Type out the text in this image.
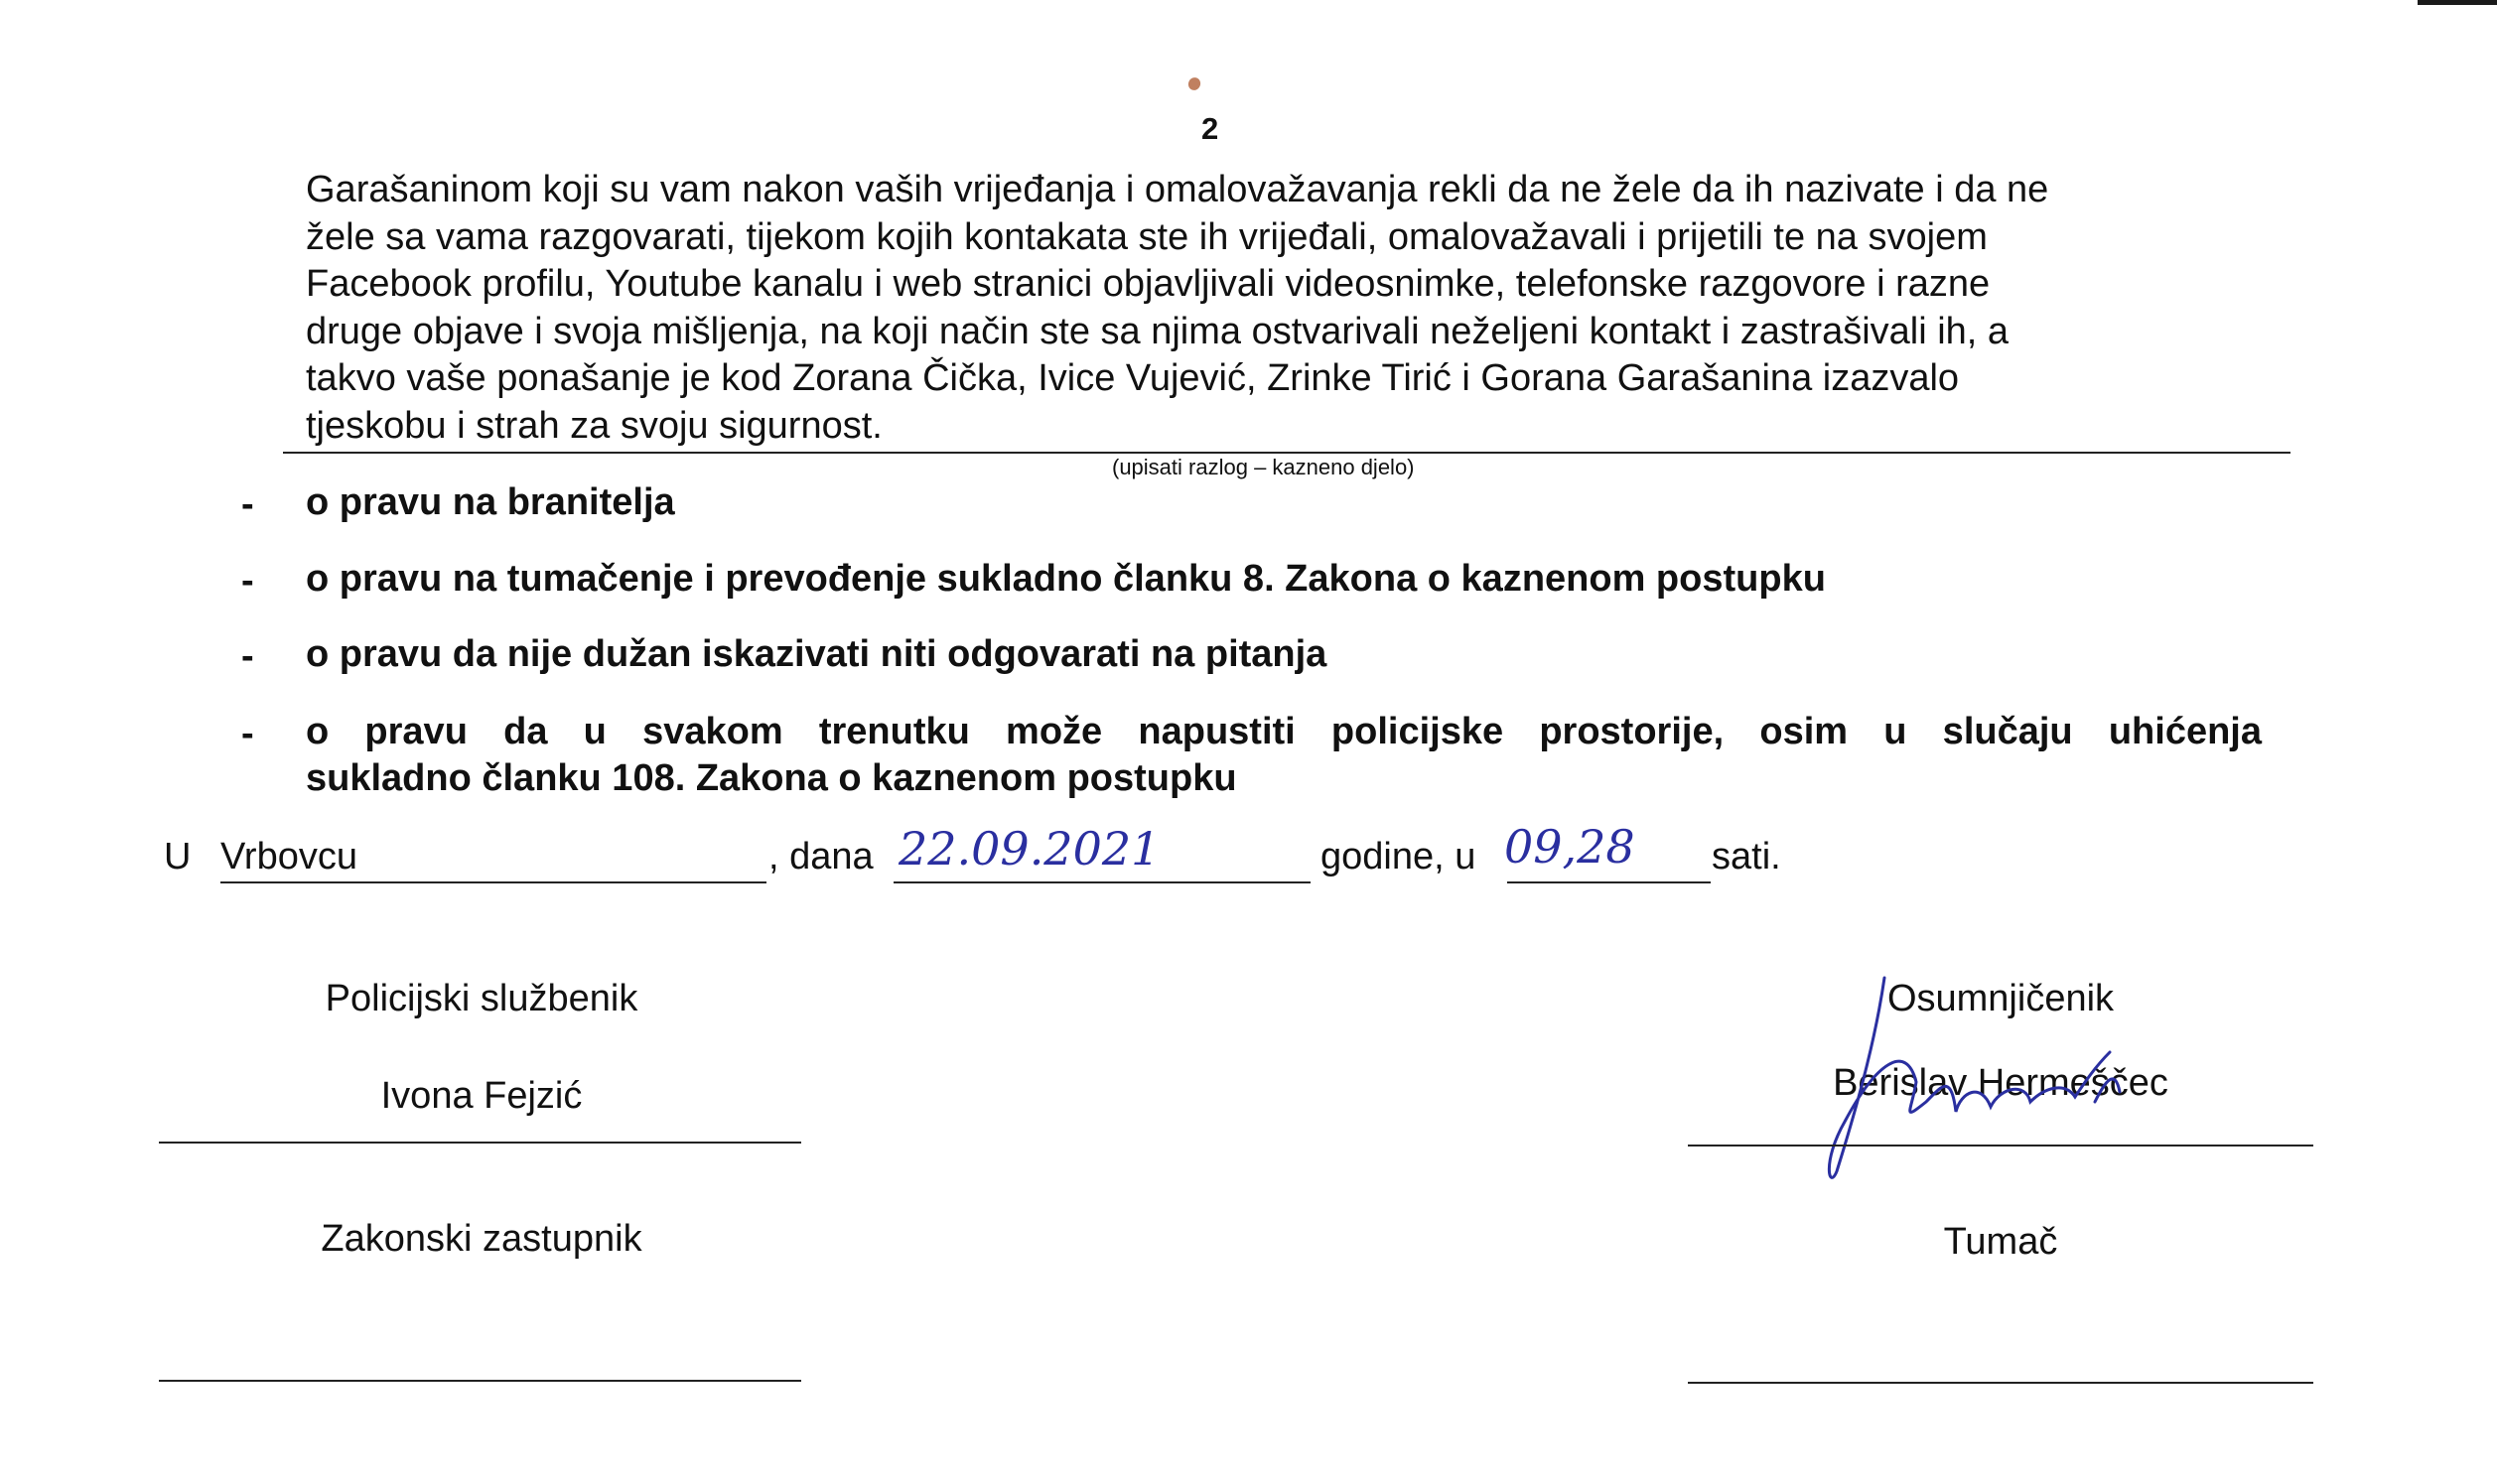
2
Garašaninom koji su vam nakon vaših vrijeđanja i omalovažavanja rekli da ne žele da ih nazivate i da ne
žele sa vama razgovarati, tijekom kojih kontakata ste ih vrijeđali, omalovažavali i prijetili te na svojem
Facebook profilu, Youtube kanalu i web stranici objavljivali videosnimke, telefonske razgovore i razne
druge objave i svoja mišljenja, na koji način ste sa njima ostvarivali neželjeni kontakt i zastrašivali ih, a
takvo vaše ponašanje je kod Zorana Čička, Ivice Vujević, Zrinke Tirić i Gorana Garašanina izazvalo
tjeskobu i strah za svoju sigurnost.
(upisati razlog – kazneno djelo)
- o pravu na branitelja
- o pravu na tumačenje i prevođenje sukladno članku 8. Zakona o kaznenom postupku
- o pravu da nije dužan iskazivati niti odgovarati na pitanja
- o pravu da u svakom trenutku može napustiti policijske prostorije, osim u slučaju uhićenja
sukladno članku 108. Zakona o kaznenom postupku
U Vrbovcu	, dana 22.09.2021	godine, u 09,28 sati.
Policijski službenik
Ivona Fejzić
Zakonski zastupnik
Osumnjičenik
Berislav Hermeščec
Tumač
